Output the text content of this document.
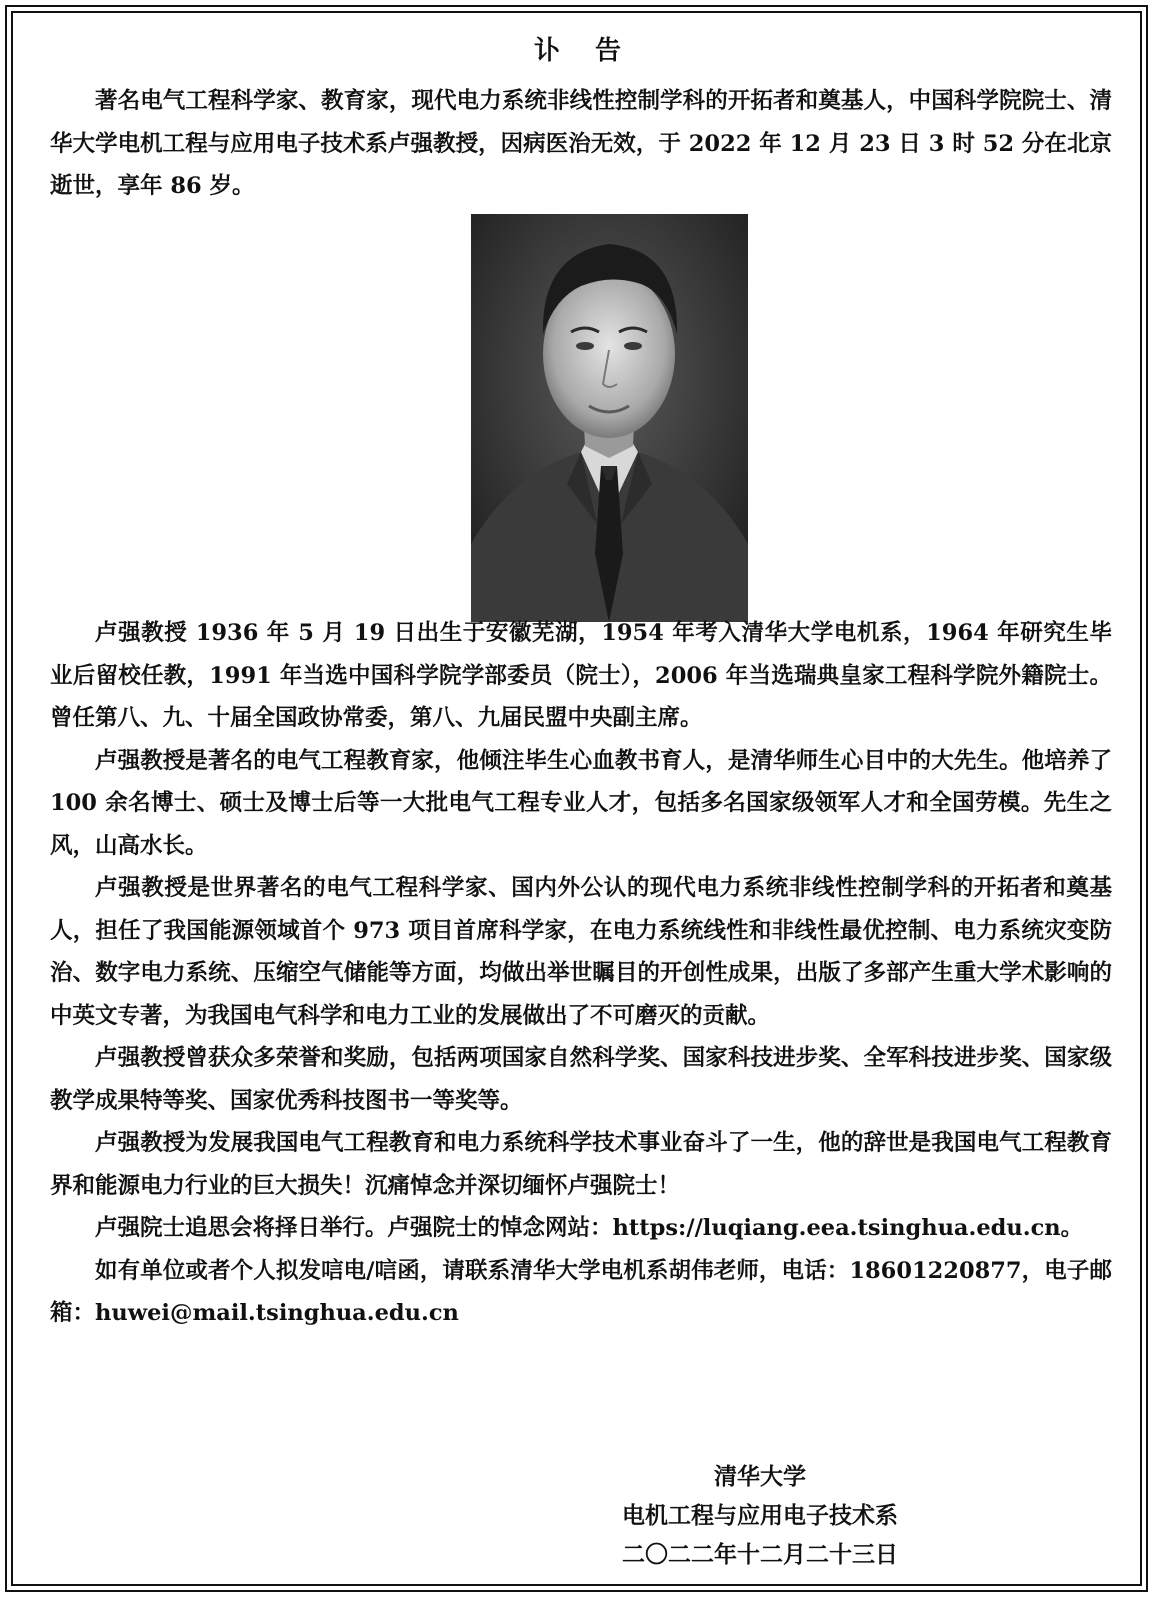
讣 告

著名电气工程科学家、教育家，现代电力系统非线性控制学科的开拓者和奠基人，中国科学院院士、清华大学电机工程与应用电子技术系卢强教授，因病医治无效，于 2022 年 12 月 23 日 3 时 52 分在北京逝世，享年 86 岁。

卢强教授 1936 年 5 月 19 日出生于安徽芜湖，1954 年考入清华大学电机系，1964 年研究生毕业后留校任教，1991 年当选中国科学院学部委员（院士），2006 年当选瑞典皇家工程科学院外籍院士。曾任第八、九、十届全国政协常委，第八、九届民盟中央副主席。

卢强教授是著名的电气工程教育家，他倾注毕生心血教书育人，是清华师生心目中的大先生。他培养了 100 余名博士、硕士及博士后等一大批电气工程专业人才，包括多名国家级领军人才和全国劳模。先生之风，山高水长。

卢强教授是世界著名的电气工程科学家、国内外公认的现代电力系统非线性控制学科的开拓者和奠基人，担任了我国能源领域首个 973 项目首席科学家，在电力系统线性和非线性最优控制、电力系统灾变防治、数字电力系统、压缩空气储能等方面，均做出举世瞩目的开创性成果，出版了多部产生重大学术影响的中英文专著，为我国电气科学和电力工业的发展做出了不可磨灭的贡献。

卢强教授曾获众多荣誉和奖励，包括两项国家自然科学奖、国家科技进步奖、全军科技进步奖、国家级教学成果特等奖、国家优秀科技图书一等奖等。

卢强教授为发展我国电气工程教育和电力系统科学技术事业奋斗了一生，他的辞世是我国电气工程教育界和能源电力行业的巨大损失！沉痛悼念并深切缅怀卢强院士！

卢强院士追思会将择日举行。卢强院士的悼念网站：https://luqiang.eea.tsinghua.edu.cn。

如有单位或者个人拟发唁电/唁函，请联系清华大学电机系胡伟老师，电话：18601220877，电子邮箱：huwei@mail.tsinghua.edu.cn

清华大学
电机工程与应用电子技术系
二〇二二年十二月二十三日
